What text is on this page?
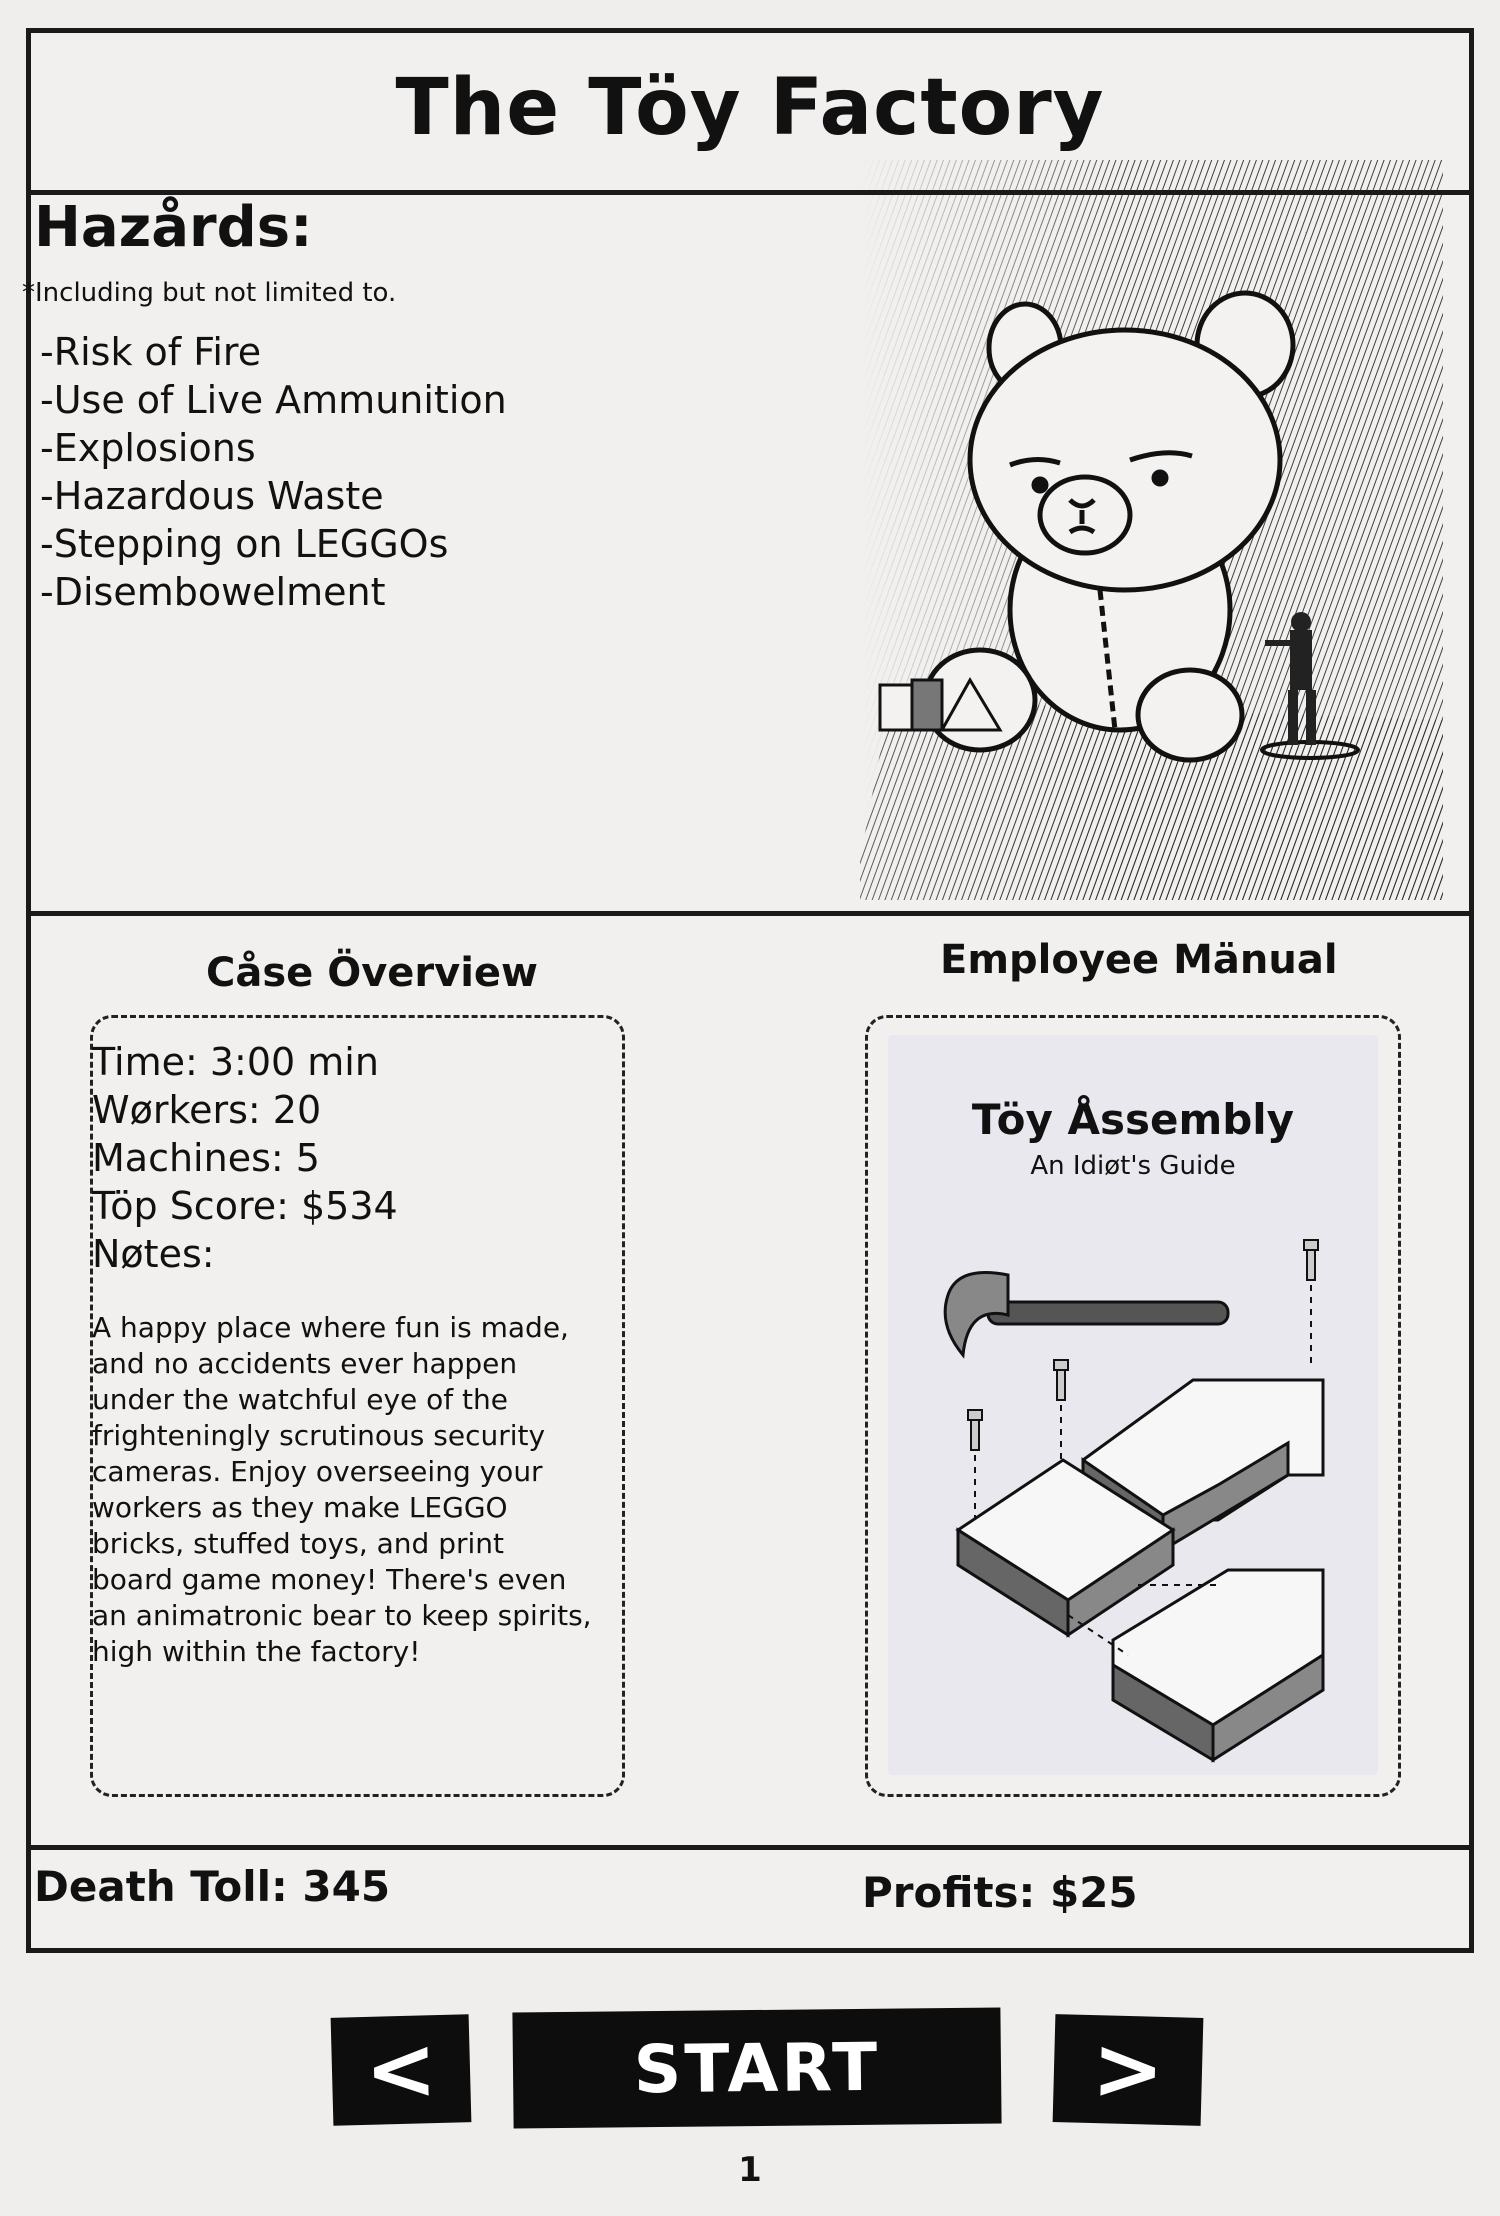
The Töy Factory
Hazårds:
*Including but not limited to.
-Risk of Fire
-Use of Live Ammunition
-Explosions
-Hazardous Waste
-Stepping on LEGGOs
-Disembowelment
Cåse Överview
Time: 3:00 min
Wørkers: 20
Machines: 5
Töp Score: $534
Nøtes:
A happy place where fun is made, and no accidents ever happen under the watchful eye of the frighteningly scrutinous security cameras. Enjoy overseeing your workers as they make LEGGO bricks, stuffed toys, and print board game money! There's even an animatronic bear to keep spirits, high within the factory!
Employee Mänual
Töy Åssembly
An Idiøt's Guide
Death Toll: 345	Profits: $25
<	START	>
1
